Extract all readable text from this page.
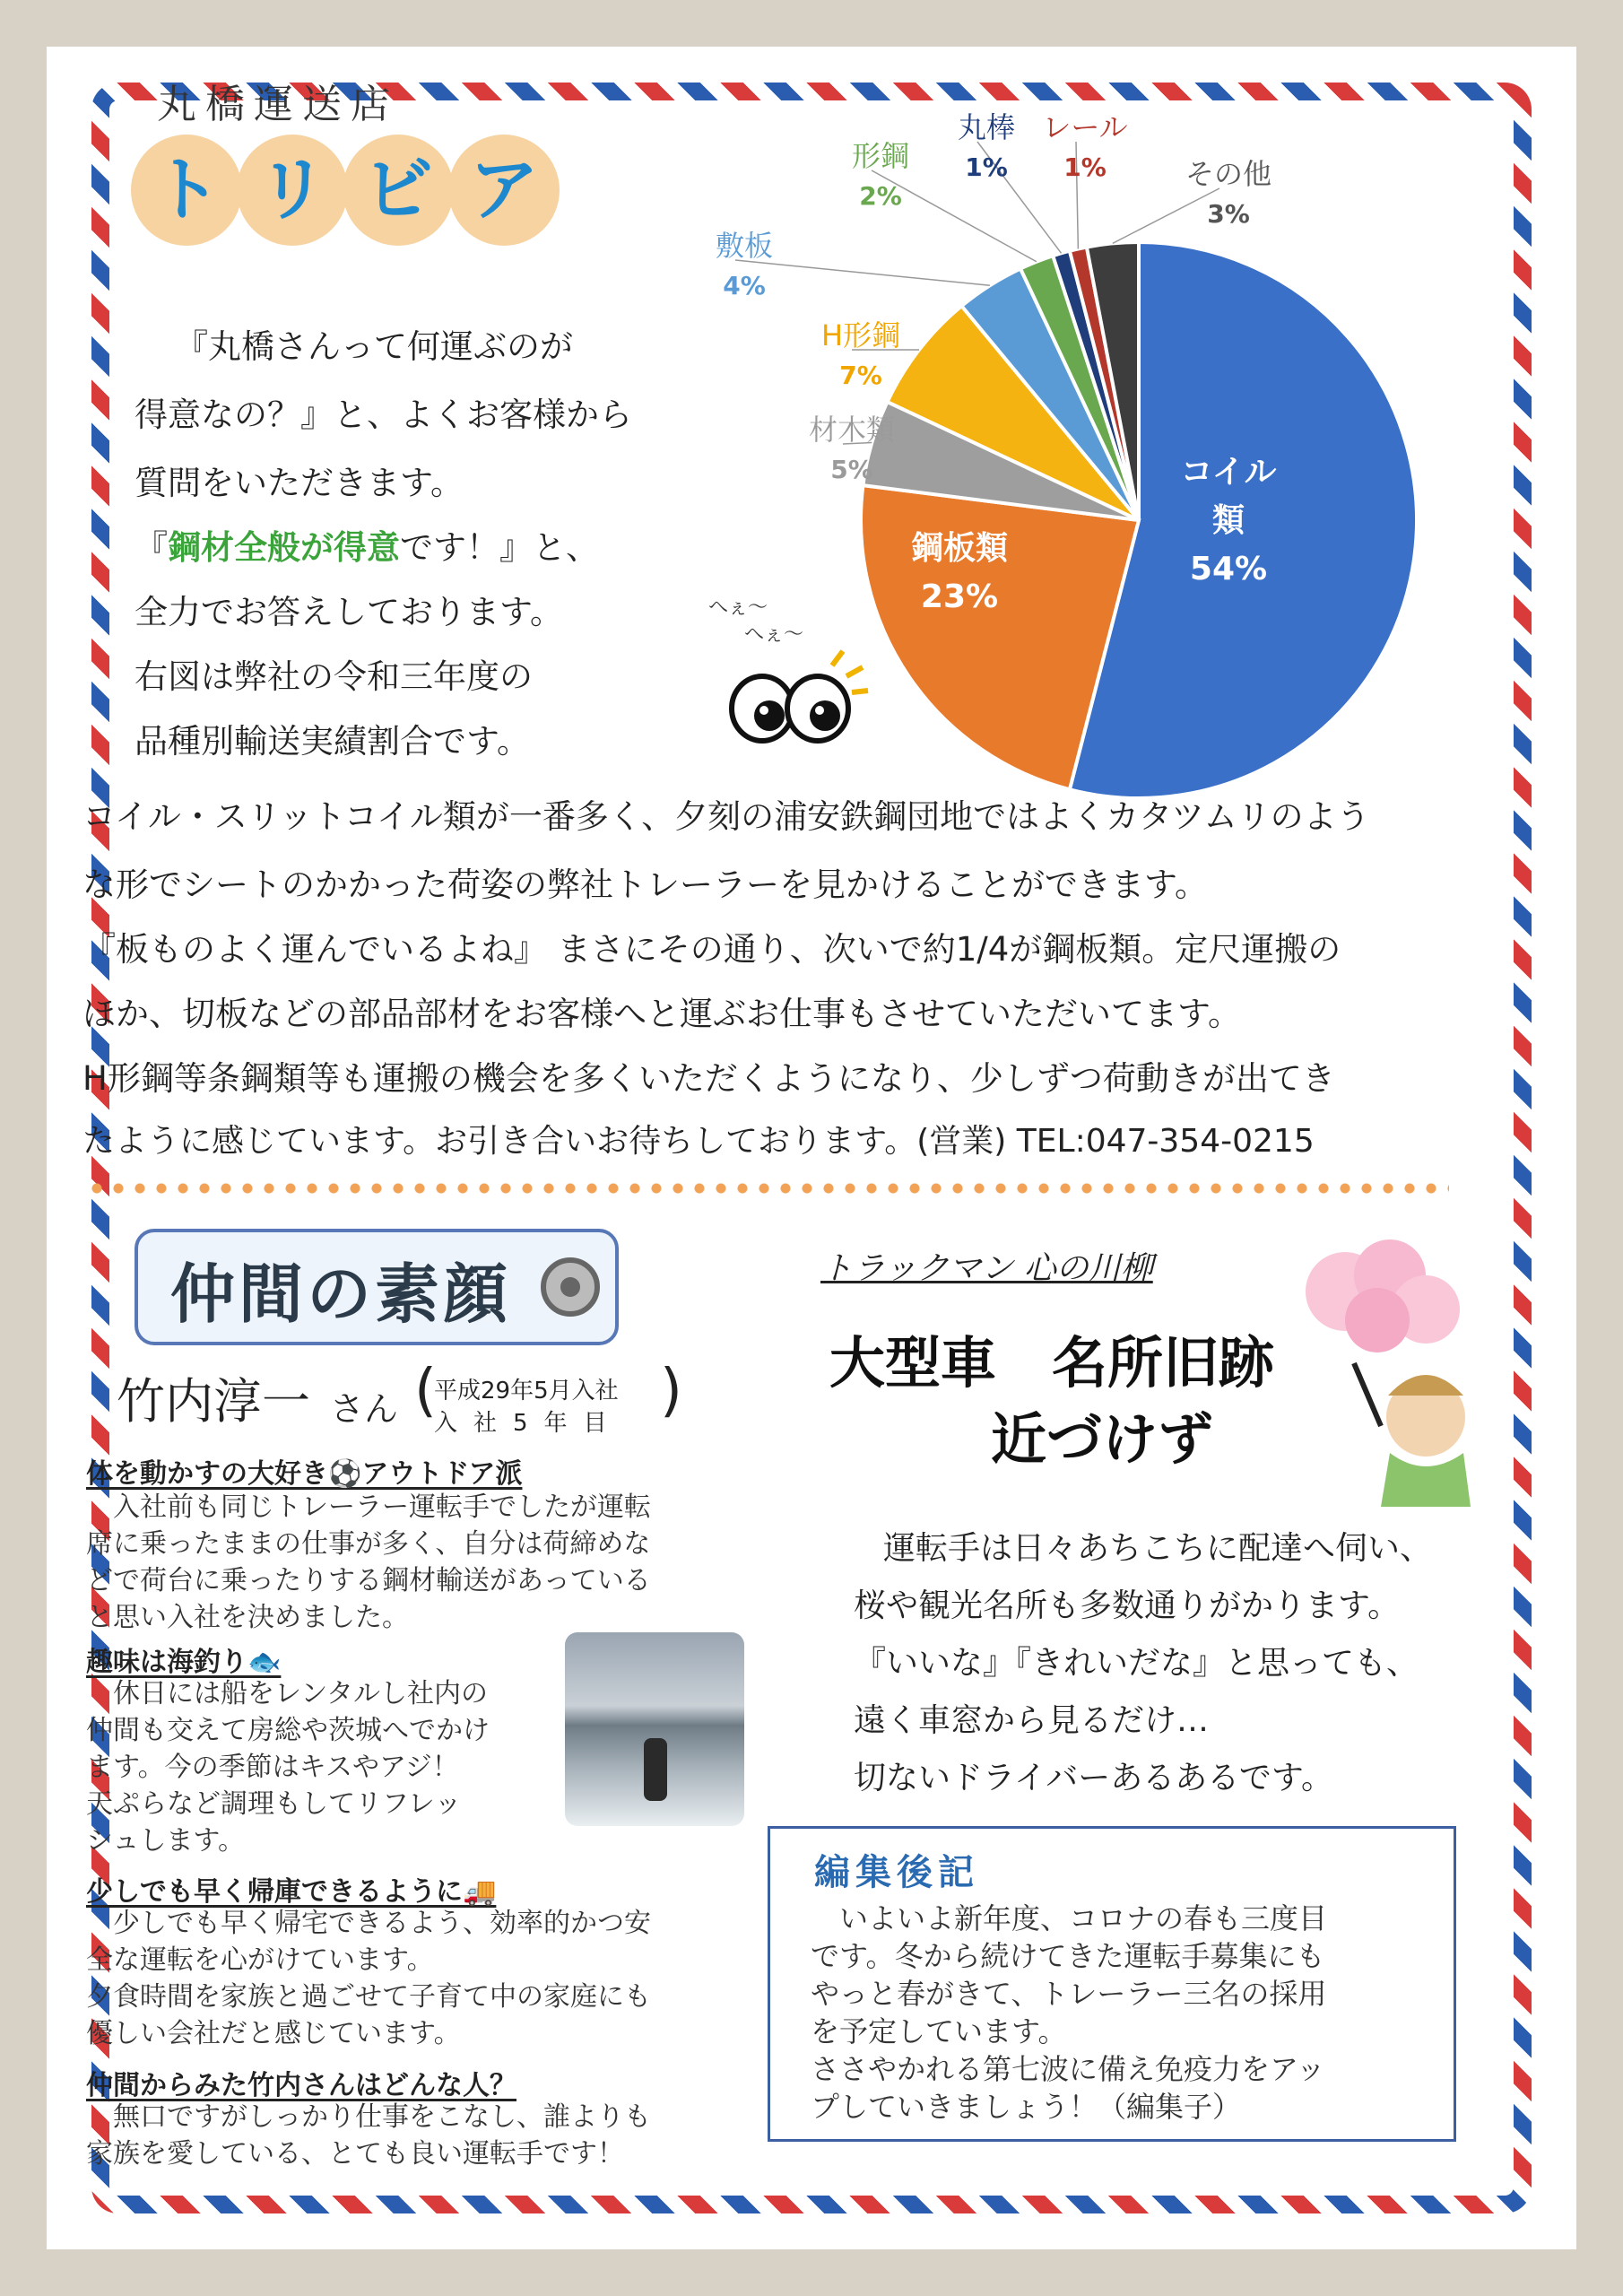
丸橋運送店
ト リ ビ ア
『丸橋さんって何運ぶのが
得意なの？』と、よくお客様から
質問をいただきます。
『鋼材全般が得意です！』と、
全力でお答えしております。
右図は弊社の令和三年度の
品種別輸送実績割合です。
へぇ～
へぇ～
コイル類
54%
鋼板類
23%
材木類
5%
H形鋼
7%
敷板
4%
形鋼
2%
丸棒
1%
レール
1%	その他
3%
コイル・スリットコイル類が一番多く、夕刻の浦安鉄鋼団地ではよくカタツムリのよう
な形でシートのかかった荷姿の弊社トレーラーを見かけることができます。
『板ものよく運んでいるよね』 まさにその通り、次いで約1/4が鋼板類。定尺運搬の
ほか、切板などの部品部材をお客様へと運ぶお仕事もさせていただいてます。
H形鋼等条鋼類等も運搬の機会を多くいただくようになり、少しずつ荷動きが出てき
たように感じています。お引き合いお待ちしております。(営業) TEL:047-354-0215
仲間の素顔
竹内淳一 さん (
平成29年5月入社
入社5年目 )
体を動かすの大好き⚽アウトドア派
　入社前も同じトレーラー運転手でしたが運転
席に乗ったままの仕事が多く、自分は荷締めな
どで荷台に乗ったりする鋼材輸送があっている
と思い入社を決めました。
趣味は海釣り🐟
　休日には船をレンタルし社内の
仲間も交えて房総や茨城へでかけ
ます。今の季節はキスやアジ！
天ぷらなど調理もしてリフレッ
シュします。
少しでも早く帰庫できるように🚚
　少しでも早く帰宅できるよう、効率的かつ安
全な運転を心がけています。
夕食時間を家族と過ごせて子育て中の家庭にも
優しい会社だと感じています。
仲間からみた竹内さんはどんな人？
　無口ですがしっかり仕事をこなし、誰よりも
家族を愛している、とても良い運転手です！
トラックマン 心の川柳
大型車　名所旧跡
近づけず
運転手は日々あちこちに配達へ伺い、
桜や観光名所も多数通りがかります。
『いいな』『きれいだな』と思っても、
遠く車窓から見るだけ…
切ないドライバーあるあるです。
編集後記
　いよいよ新年度、コロナの春も三度目
です。冬から続けてきた運転手募集にも
やっと春がきて、トレーラー三名の採用
を予定しています。
ささやかれる第七波に備え免疫力をアッ
プしていきましょう！（編集子）
